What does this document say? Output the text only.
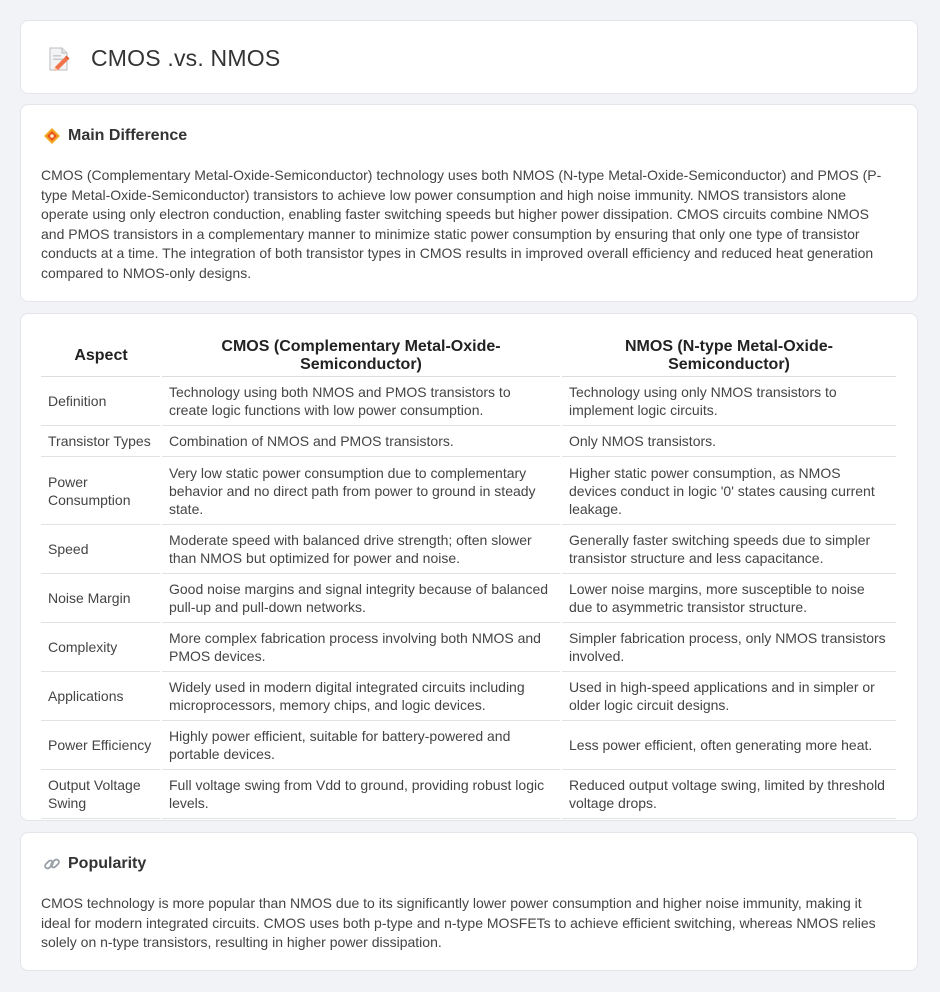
CMOS .vs. NMOS
Main Difference
CMOS (Complementary Metal-Oxide-Semiconductor) technology uses both NMOS (N-type Metal-Oxide-Semiconductor) and PMOS (P-type Metal-Oxide-Semiconductor) transistors to achieve low power consumption and high noise immunity. NMOS transistors alone operate using only electron conduction, enabling faster switching speeds but higher power dissipation. CMOS circuits combine NMOS and PMOS transistors in a complementary manner to minimize static power consumption by ensuring that only one type of transistor conducts at a time. The integration of both transistor types in CMOS results in improved overall efficiency and reduced heat generation compared to NMOS-only designs.
Aspect	CMOS (Complementary Metal-Oxide-Semiconductor)	NMOS (N-type Metal-Oxide-Semiconductor)
Definition	Technology using both NMOS and PMOS transistors to create logic functions with low power consumption.	Technology using only NMOS transistors to implement logic circuits.
Transistor Types	Combination of NMOS and PMOS transistors.	Only NMOS transistors.
Power Consumption	Very low static power consumption due to complementary behavior and no direct path from power to ground in steady state.	Higher static power consumption, as NMOS devices conduct in logic '0' states causing current leakage.
Speed	Moderate speed with balanced drive strength; often slower than NMOS but optimized for power and noise.	Generally faster switching speeds due to simpler transistor structure and less capacitance.
Noise Margin	Good noise margins and signal integrity because of balanced pull-up and pull-down networks.	Lower noise margins, more susceptible to noise due to asymmetric transistor structure.
Complexity	More complex fabrication process involving both NMOS and PMOS devices.	Simpler fabrication process, only NMOS transistors involved.
Applications	Widely used in modern digital integrated circuits including microprocessors, memory chips, and logic devices.	Used in high-speed applications and in simpler or older logic circuit designs.
Power Efficiency	Highly power efficient, suitable for battery-powered and portable devices.	Less power efficient, often generating more heat.
Output Voltage Swing	Full voltage swing from Vdd to ground, providing robust logic levels.	Reduced output voltage swing, limited by threshold voltage drops.
Popularity
CMOS technology is more popular than NMOS due to its significantly lower power consumption and higher noise immunity, making it ideal for modern integrated circuits. CMOS uses both p-type and n-type MOSFETs to achieve efficient switching, whereas NMOS relies solely on n-type transistors, resulting in higher power dissipation.
